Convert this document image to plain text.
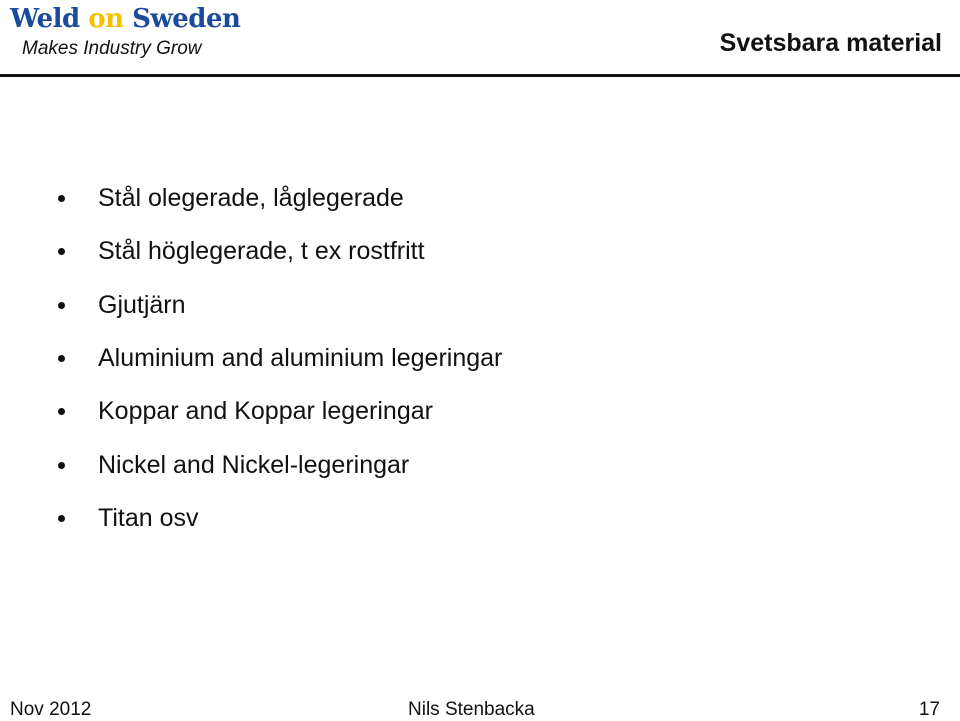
Weld on Sweden
Makes Industry Grow	Svetsbara material
Stål olegerade, låglegerade
Stål höglegerade, t ex rostfritt
Gjutjärn
Aluminium and aluminium legeringar
Koppar and Koppar legeringar
Nickel and Nickel-legeringar
Titan osv
Nov 2012	Nils Stenbacka	17
